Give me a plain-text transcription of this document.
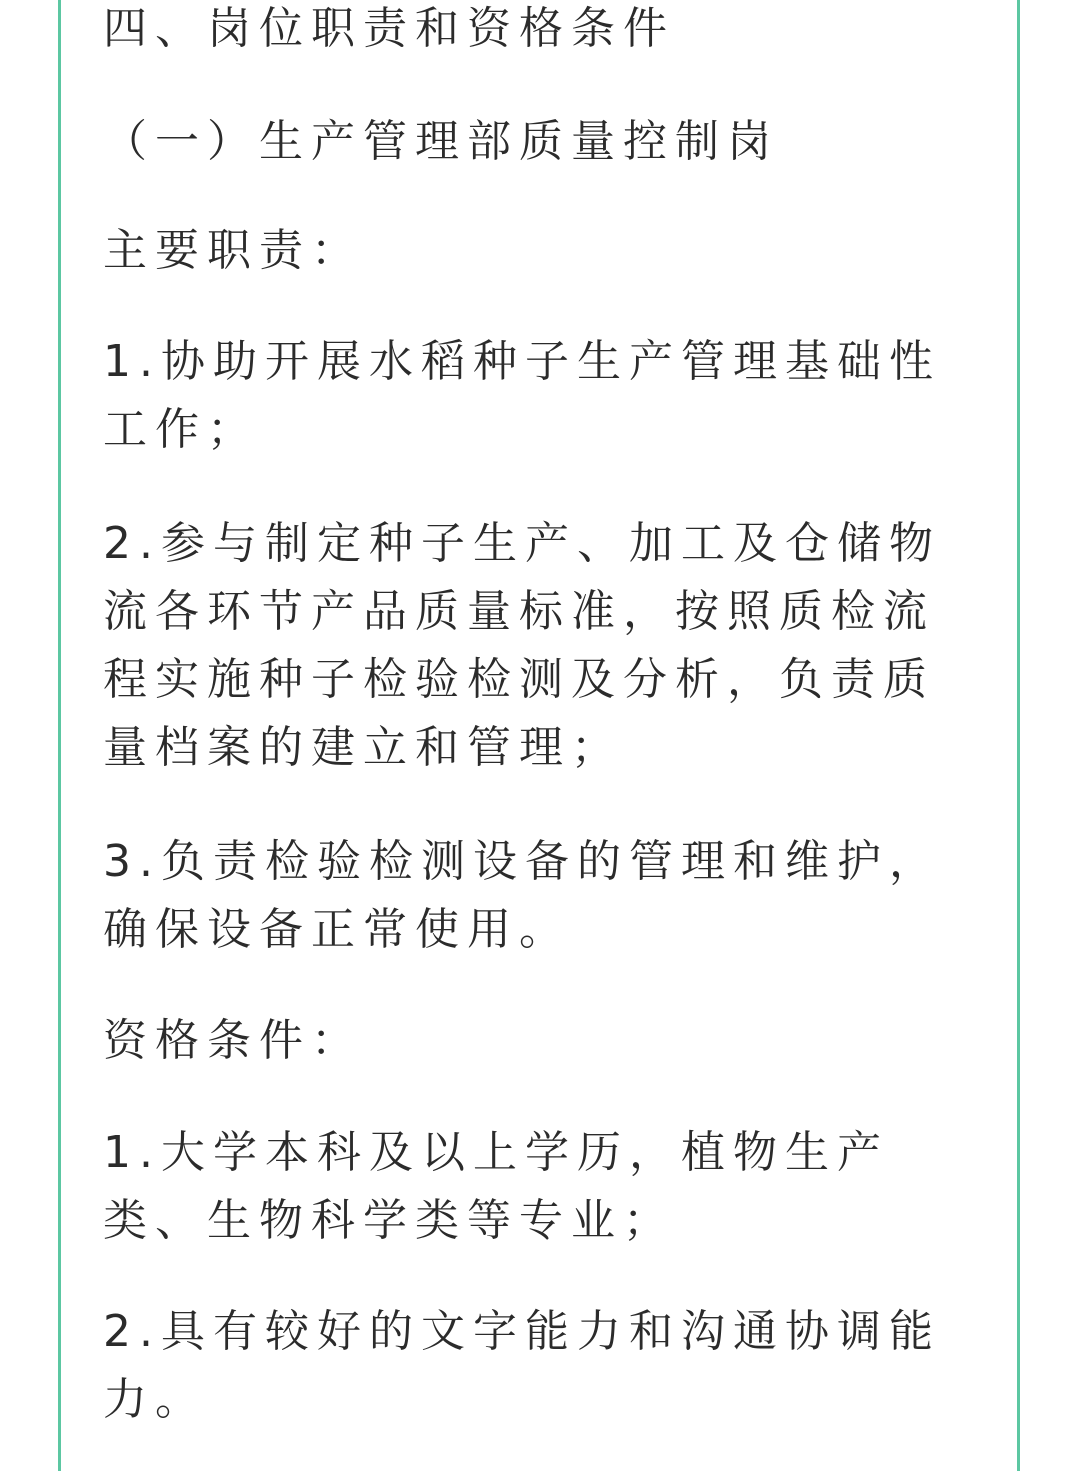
四、岗位职责和资格条件

（一）生产管理部质量控制岗

主要职责：

1.协助开展水稻种子生产管理基础性工作；

2.参与制定种子生产、加工及仓储物流各环节产品质量标准，按照质检流程实施种子检验检测及分析，负责质量档案的建立和管理；

3.负责检验检测设备的管理和维护，确保设备正常使用。

资格条件：

1.大学本科及以上学历，植物生产类、生物科学类等专业；

2.具有较好的文字能力和沟通协调能力。
